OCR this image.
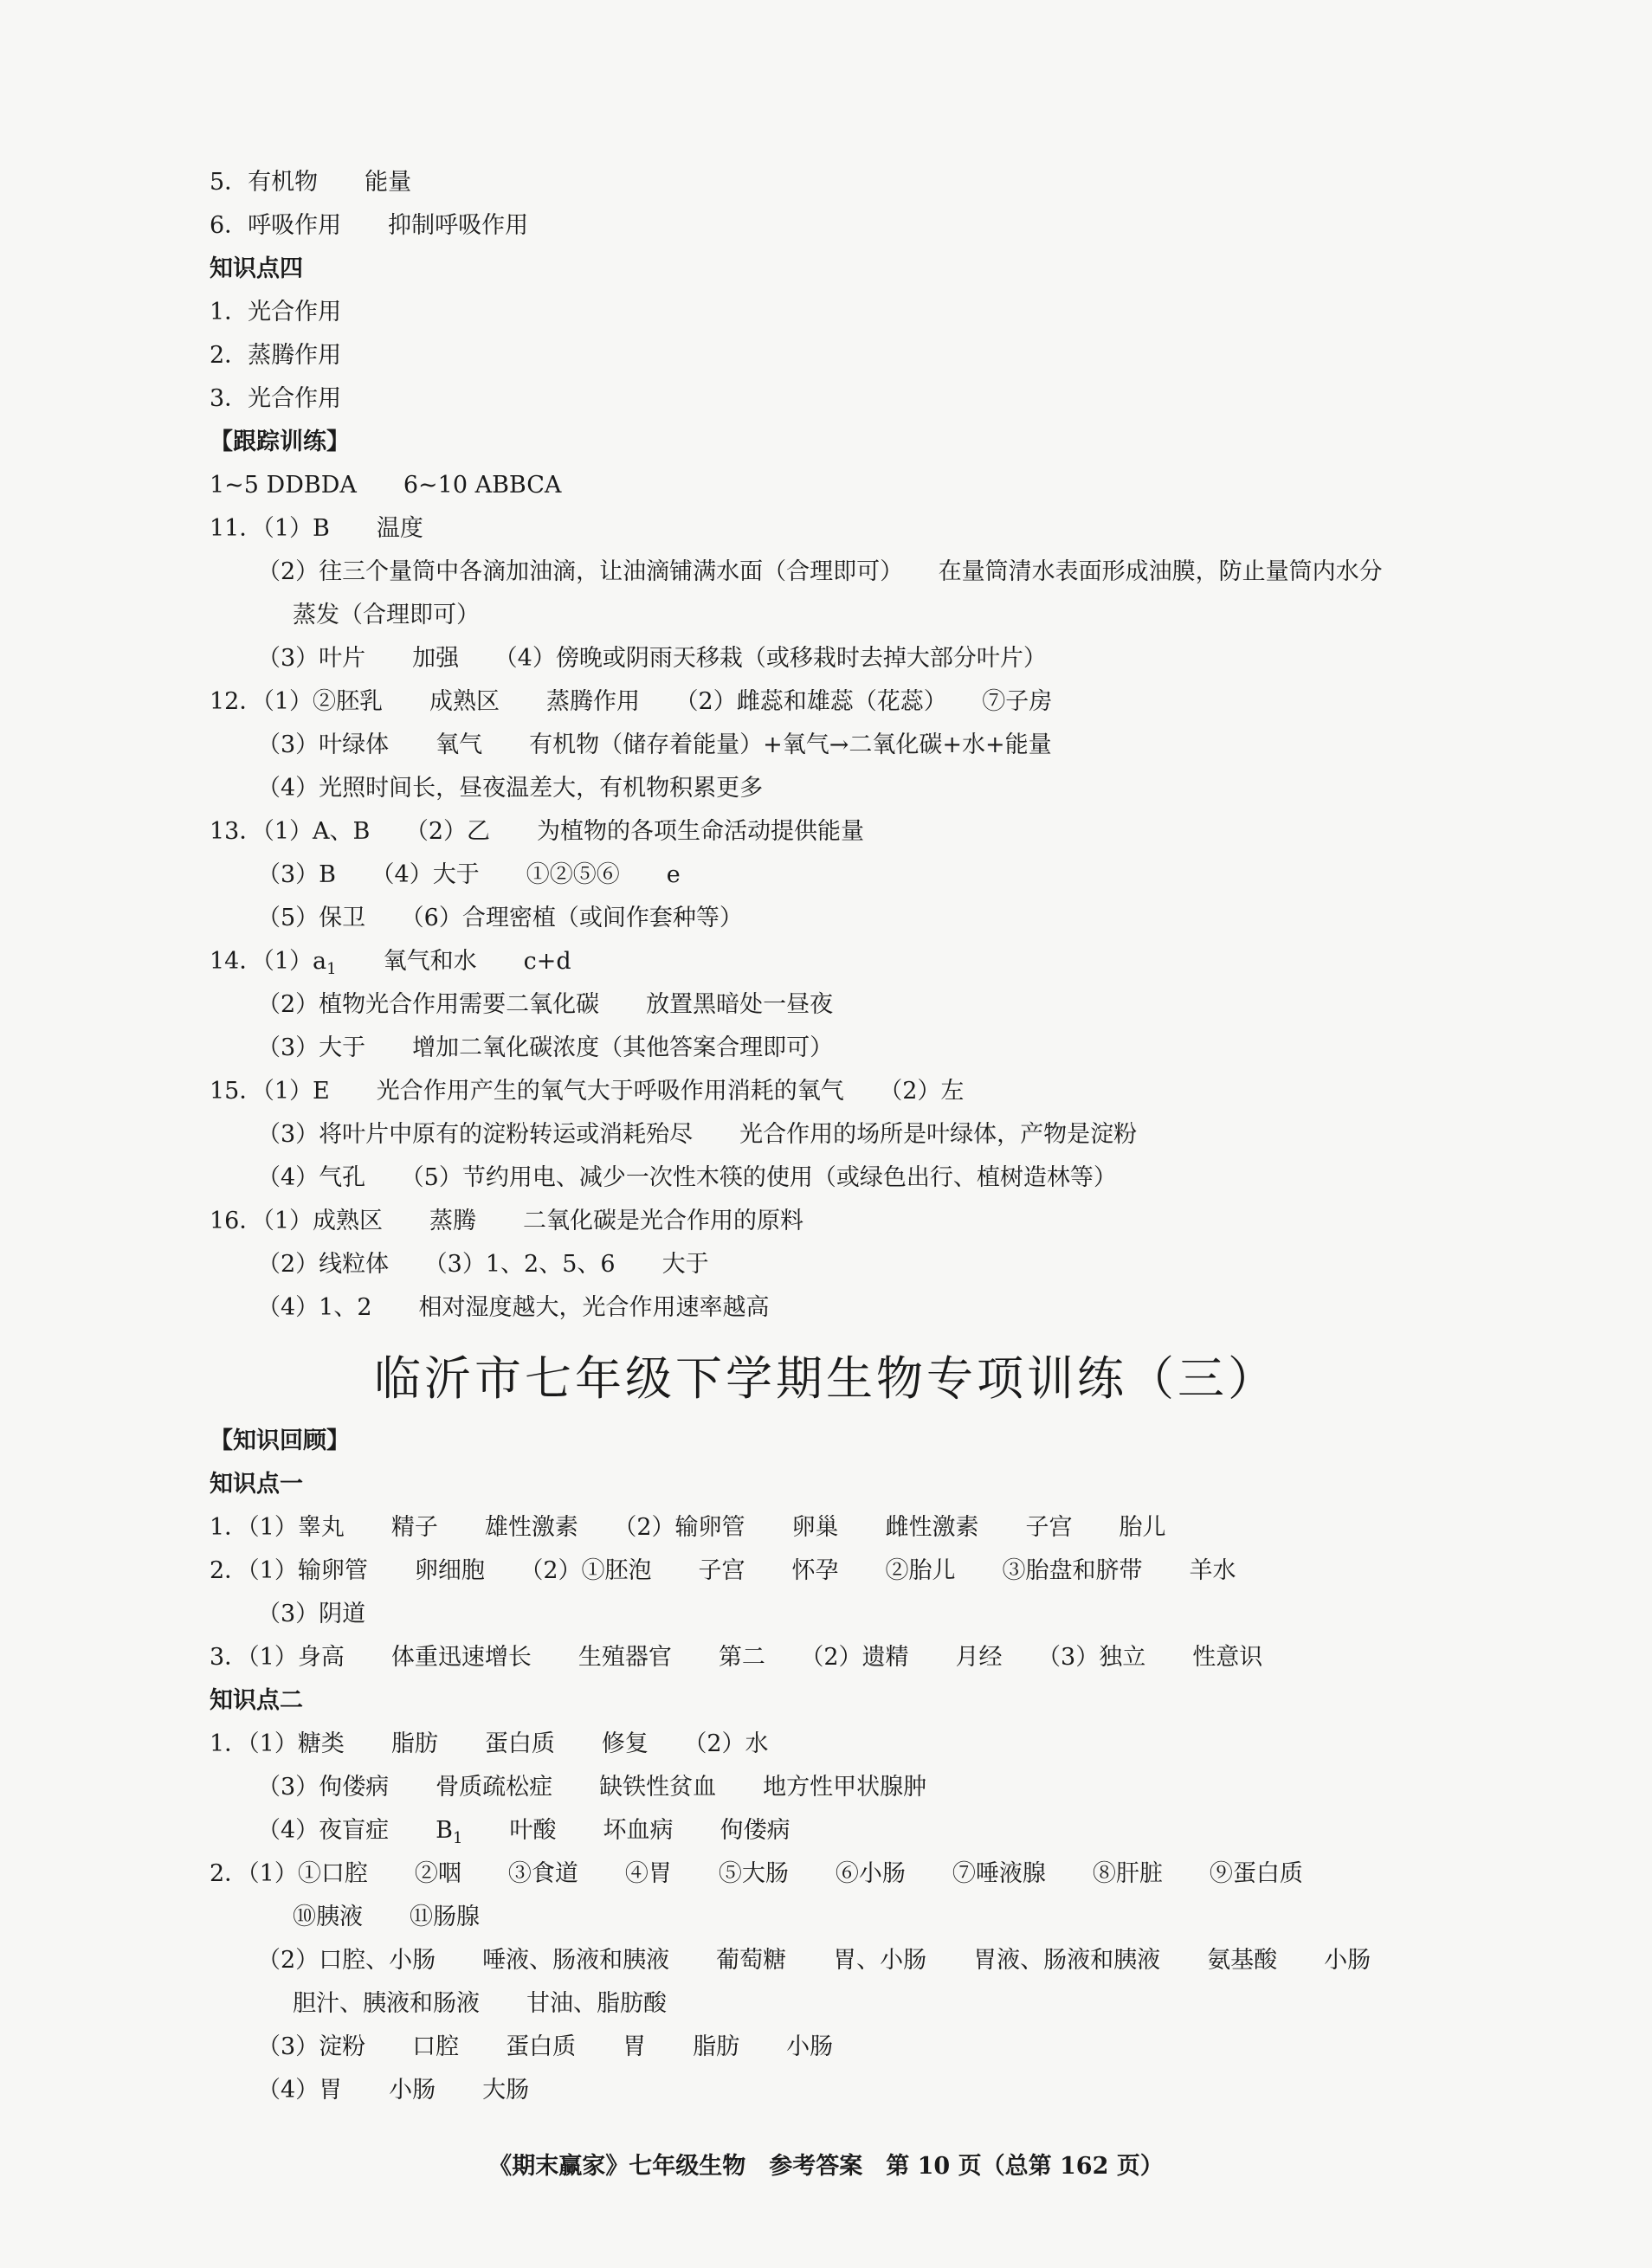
5．有机物　　能量
6．呼吸作用　　抑制呼吸作用
知识点四
1．光合作用
2．蒸腾作用
3．光合作用
【跟踪训练】
1~5 DDBDA　　6~10 ABBCA
11．（1）B　　温度
（2）往三个量筒中各滴加油滴，让油滴铺满水面（合理即可）　　在量筒清水表面形成油膜，防止量筒内水分
蒸发（合理即可）
（3）叶片　　加强　　（4）傍晚或阴雨天移栽（或移栽时去掉大部分叶片）
12．（1）②胚乳　　成熟区　　蒸腾作用　　（2）雌蕊和雄蕊（花蕊）　　⑦子房
（3）叶绿体　　氧气　　有机物（储存着能量）+氧气→二氧化碳+水+能量
（4）光照时间长，昼夜温差大，有机物积累更多
13．（1）A、B　　（2）乙　　为植物的各项生命活动提供能量
（3）B　　（4）大于　　①②⑤⑥　　e
（5）保卫　　（6）合理密植（或间作套种等）
14．$(1)a_1$　　氧气和水　　c+d
（2）植物光合作用需要二氧化碳　　放置黑暗处一昼夜
（3）大于　　增加二氧化碳浓度（其他答案合理即可）
15．（1）E　　光合作用产生的氧气大于呼吸作用消耗的氧气　　（2）左
（3）将叶片中原有的淀粉转运或消耗殆尽　　光合作用的场所是叶绿体，产物是淀粉
（4）气孔　　（5）节约用电、减少一次性木筷的使用（或绿色出行、植树造林等）
16．（1）成熟区　　蒸腾　　二氧化碳是光合作用的原料
（2）线粒体　　（3）1、2、5、6　　大于
（4）1、2　　相对湿度越大，光合作用速率越高
临沂市七年级下学期生物专项训练（三）
【知识回顾】
知识点一
1．（1）睾丸　　精子　　雄性激素　　（2）输卵管　　卵巢　　雌性激素　　子宫　　胎儿
2．（1）输卵管　　卵细胞　　（2）①胚泡　　子宫　　怀孕　　②胎儿　　③胎盘和脐带　　羊水
（3）阴道
3．（1）身高　　体重迅速增长　　生殖器官　　第二　　（2）遗精　　月经　　（3）独立　　性意识
知识点二
1．（1）糖类　　脂肪　　蛋白质　　修复　　（2）水
（3）佝偻病　　骨质疏松症　　缺铁性贫血　　地方性甲状腺肿
（4）夜盲症　　$B_1$　　叶酸　　坏血病　　佝偻病
2．（1）①口腔　　②咽　　③食道　　④胃　　⑤大肠　　⑥小肠　　⑦唾液腺　　⑧肝脏　　⑨蛋白质
⑩胰液　　⑪肠腺
（2）口腔、小肠　　唾液、肠液和胰液　　葡萄糖　　胃、小肠　　胃液、肠液和胰液　　氨基酸　　小肠
胆汁、胰液和肠液　　甘油、脂肪酸
（3）淀粉　　口腔　　蛋白质　　胃　　脂肪　　小肠
（4）胃　　小肠　　大肠
《期末赢家》七年级生物　参考答案　第 10 页（总第 162 页）
